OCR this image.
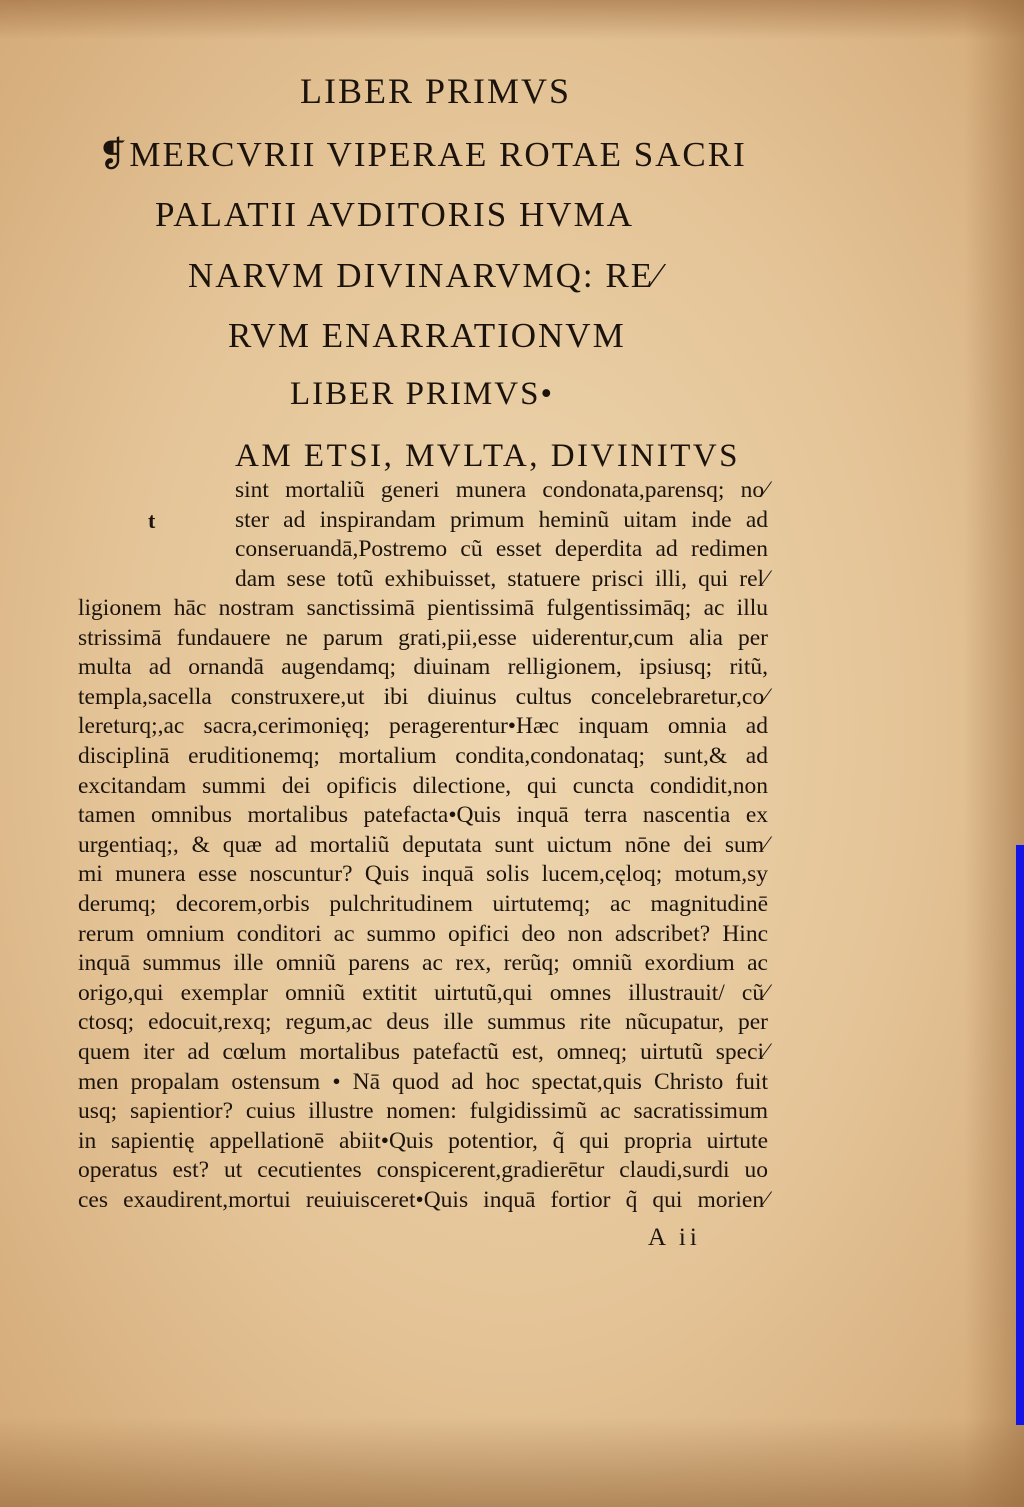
LIBER PRIMVS
❡MERCVRII VIPERAE ROTAE SACRI
PALATII AVDITORIS HVMA
NARVM DIVINARVMQ: RE⁄
RVM ENARRATIONVM
LIBER PRIMVS•
t
AM ETSI, MVLTA, DIVINITVS
sint mortaliũ generi munera condonata,parensq; no⁄
ster ad inspirandam primum heminũ uitam inde ad
conseruandā,Postremo cũ esset deperdita ad redimen
dam sese totũ exhibuisset, statuere prisci illi, qui rel⁄
ligionem hāc nostram sanctissimā pientissimā fulgentissimāq; ac illu
strissimā fundauere ne parum grati,pii,esse uiderentur,cum alia per
multa ad ornandā augendamq; diuinam relligionem, ipsiusq; ritũ,
templa,sacella construxere,ut ibi diuinus cultus concelebraretur,co⁄
lereturq;,ac sacra,cerimonięq; peragerentur•Hæc inquam omnia ad
disciplinā eruditionemq; mortalium condita,condonataq; sunt,& ad
excitandam summi dei opificis dilectione, qui cuncta condidit,non
tamen omnibus mortalibus patefacta•Quis inquā terra nascentia ex
urgentiaq;, & quæ ad mortaliũ deputata sunt uictum nōne dei sum⁄
mi munera esse noscuntur? Quis inquā solis lucem,cęloq; motum,sy
derumq; decorem,orbis pulchritudinem uirtutemq; ac magnitudinē
rerum omnium conditori ac summo opifici deo non adscribet? Hinc
inquā summus ille omniũ parens ac rex, rerũq; omniũ exordium ac
origo,qui exemplar omniũ extitit uirtutũ,qui omnes illustrauit/ cũ⁄
ctosq; edocuit,rexq; regum,ac deus ille summus rite nũcupatur, per
quem iter ad cœlum mortalibus patefactũ est, omneq; uirtutũ speci⁄
men propalam ostensum • Nā quod ad hoc spectat,quis Christo fuit
usq; sapientior? cuius illustre nomen: fulgidissimũ ac sacratissimum
in sapientię appellationē abiit•Quis potentior, q̃ qui propria uirtute
operatus est? ut cecutientes conspicerent,gradierētur claudi,surdi uo
ces exaudirent,mortui reuiuisceret•Quis inquā fortior q̃ qui morien⁄
A ii
